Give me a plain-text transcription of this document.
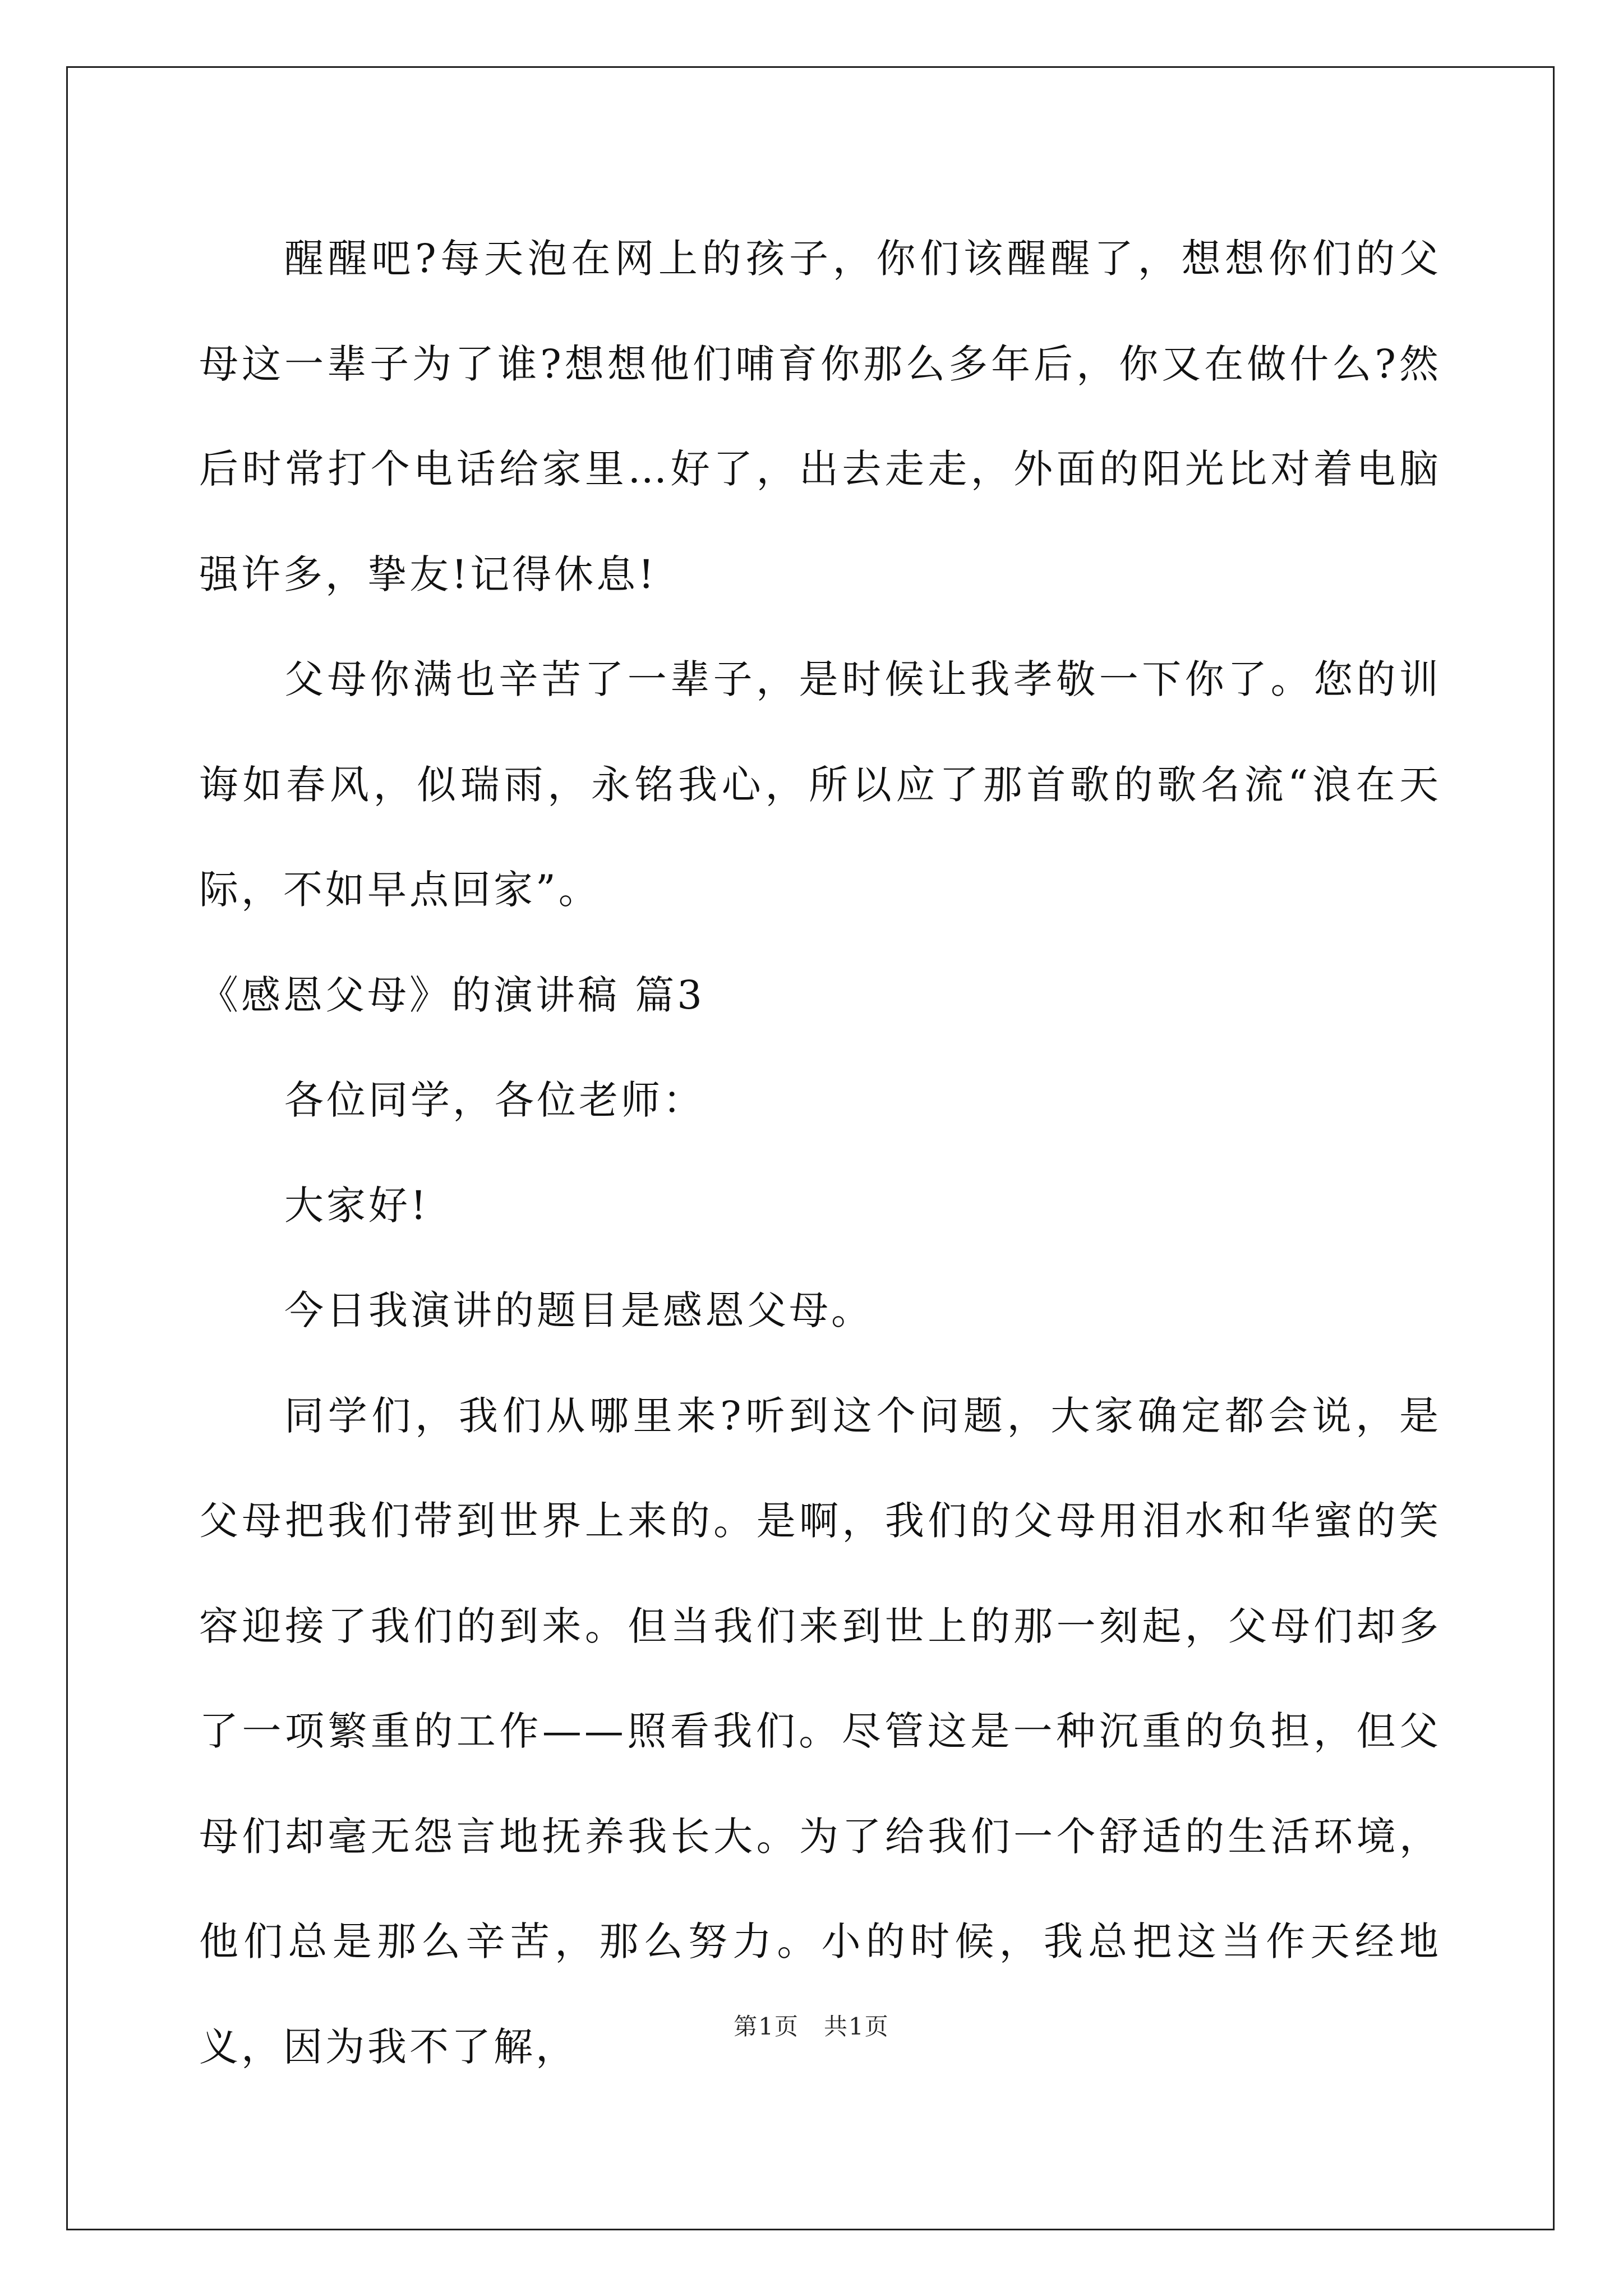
醒醒吧?每天泡在网上的孩子，你们该醒醒了，想想你们的父母这一辈子为了谁?想想他们哺育你那么多年后，你又在做什么?然后时常打个电话给家里…好了，出去走走，外面的阳光比对着电脑强许多，挚友!记得休息!

父母你满也辛苦了一辈子，是时候让我孝敬一下你了。您的训诲如春风，似瑞雨，永铭我心，所以应了那首歌的歌名流“浪在天际，不如早点回家”。

《感恩父母》的演讲稿 篇3

各位同学，各位老师：

大家好!

今日我演讲的题目是感恩父母。

同学们，我们从哪里来?听到这个问题，大家确定都会说，是父母把我们带到世界上来的。是啊，我们的父母用泪水和华蜜的笑容迎接了我们的到来。但当我们来到世上的那一刻起，父母们却多了一项繁重的工作——照看我们。尽管这是一种沉重的负担，但父母们却毫无怨言地抚养我长大。为了给我们一个舒适的生活环境，他们总是那么辛苦，那么努力。小的时候，我总把这当作天经地义，因为我不了解，	第1页　共1页
